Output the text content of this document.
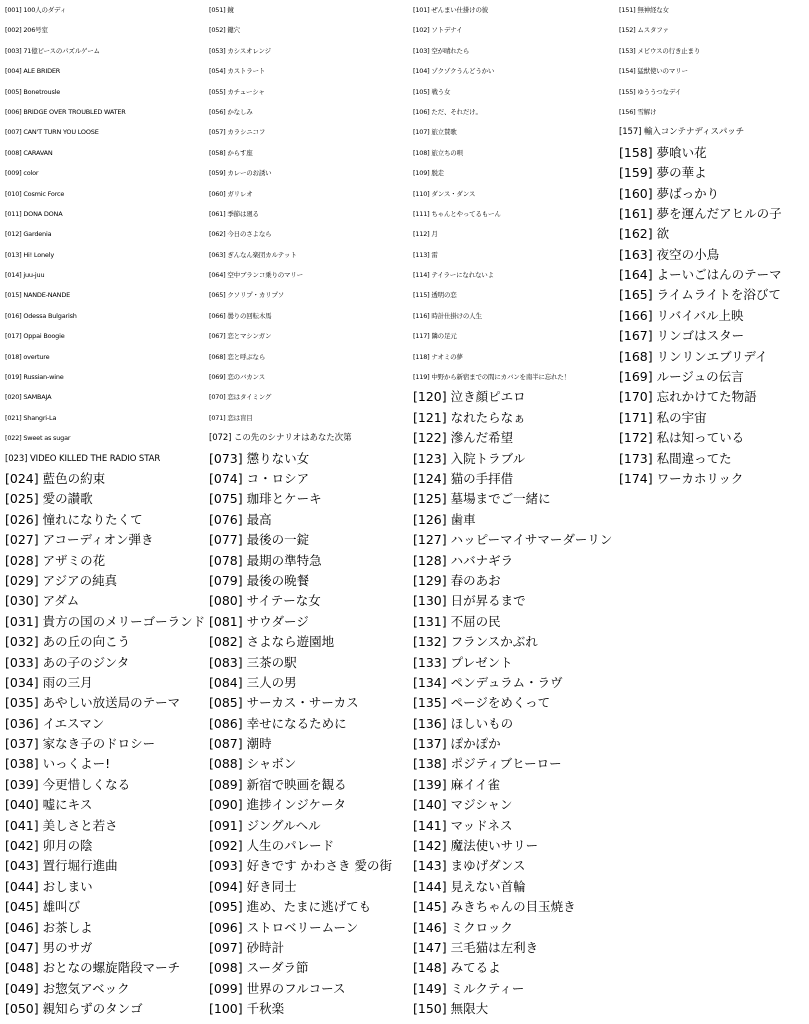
[001] 100人のダディ
[002] 206号室
[003] 71億ピースのパズルゲーム
[004] ALE BRIDER
[005] Bonetrousle
[006] BRIDGE OVER TROUBLED WATER
[007] CAN'T TURN YOU LOOSE
[008] CARAVAN
[009] color
[010] Cosmic Force
[011] DONA DONA
[012] Gardenia
[013] Hi! Lonely
[014] juu-juu
[015] NANDE-NANDE
[016] Odessa Bulgarish
[017] Oppai Boogie
[018] overture
[019] Russian-wine
[020] SAMBAJA
[021] Shangri-La
[022] Sweet as sugar
[023] VIDEO KILLED THE RADIO STAR
[024] 藍色の約束
[025] 愛の讃歌
[026] 憧れになりたくて
[027] アコーディオン弾き
[028] アザミの花
[029] アジアの純真
[030] アダム
[031] 貴方の国のメリーゴーランド
[032] あの丘の向こう
[033] あの子のジンタ
[034] 雨の三月
[035] あやしい放送局のテーマ
[036] イエスマン
[037] 家なき子のドロシー
[038] いっくよー!
[039] 今更惜しくなる
[040] 嘘にキス
[041] 美しさと若さ
[042] 卯月の陰
[043] 置行堀行進曲
[044] おしまい
[045] 雄叫び
[046] お茶しよ
[047] 男のサガ
[048] おとなの螺旋階段マーチ
[049] お惣気アベック
[050] 親知らずのタンゴ
[051] 鏡
[052] 鍵穴
[053] カシスオレンジ
[054] カストラート
[055] カチューシャ
[056] かなしみ
[057] カラシニコフ
[058] からす座
[059] カレーのお誘い
[060] ガリレオ
[061] 季節は廻る
[062] 今日のさよなら
[063] ぎんなん楽団カルテット
[064] 空中ブランコ乗りのマリー
[065] クソリプ・カリプソ
[066] 曇りの回転木馬
[067] 恋とマシンガン
[068] 恋と呼ぶなら
[069] 恋のバカンス
[070] 恋はタイミング
[071] 恋は盲目
[072] この先のシナリオはあなた次第
[073] 懲りない女
[074] コ・ロシア
[075] 珈琲とケーキ
[076] 最高
[077] 最後の一錠
[078] 最期の準特急
[079] 最後の晩餐
[080] サイテーな女
[081] サウダージ
[082] さよなら遊園地
[083] 三茶の駅
[084] 三人の男
[085] サーカス・サーカス
[086] 幸せになるために
[087] 潮時
[088] シャボン
[089] 新宿で映画を観る
[090] 進捗インジケータ
[091] ジングルヘル
[092] 人生のパレード
[093] 好きです かわさき 愛の街
[094] 好き同士
[095] 進め、たまに逃げても
[096] ストロベリームーン
[097] 砂時計
[098] スーダラ節
[099] 世界のフルコース
[100] 千秋楽
[101] ぜんまい仕掛けの彼
[102] ソトデナイ
[103] 空が晴れたら
[104] ゾクゾクうんどうかい
[105] 戦う女
[106] ただ、それだけ。
[107] 旅立賛歌
[108] 旅立ちの唄
[109] 脱走
[110] ダンス・ダンス
[111] ちゃんとやってるもーん
[112] 月
[113] 雷
[114] テイラーになれないよ
[115] 透明の恋
[116] 時計仕掛けの人生
[117] 隣の足元
[118] ナオミの夢
[119] 中野から新宿までの間にカバンを南半に忘れた！
[120] 泣き顔ピエロ
[121] なれたらなぁ
[122] 滲んだ希望
[123] 入院トラブル
[124] 猫の手拝借
[125] 墓場までご一緒に
[126] 歯車
[127] ハッピーマイサマーダーリン
[128] ハバナギラ
[129] 春のあお
[130] 日が昇るまで
[131] 不屈の民
[132] フランスかぶれ
[133] プレゼント
[134] ペンデュラム・ラヴ
[135] ページをめくって
[136] ほしいもの
[137] ぽかぽか
[138] ポジティブヒーロー
[139] 麻イイ雀
[140] マジシャン
[141] マッドネス
[142] 魔法使いサリー
[143] まゆげダンス
[144] 見えない首輪
[145] みきちゃんの目玉焼き
[146] ミクロック
[147] 三毛猫は左利き
[148] みてるよ
[149] ミルクティー
[150] 無限大
[151] 無神経な女
[152] ムスタファ
[153] メビウスの行き止まり
[154] 猛獣使いのマリー
[155] ゆううつなデイ
[156] 雪解け
[157] 輸入コンテナディスパッチ
[158] 夢喰い花
[159] 夢の華よ
[160] 夢ばっかり
[161] 夢を運んだアヒルの子
[162] 欲
[163] 夜空の小鳥
[164] よーいごはんのテーマ
[165] ライムライトを浴びて
[166] リバイバル上映
[167] リンゴはスター
[168] リンリンエブリデイ
[169] ルージュの伝言
[170] 忘れかけてた物語
[171] 私の宇宙
[172] 私は知っている
[173] 私間違ってた
[174] ワーカホリック
